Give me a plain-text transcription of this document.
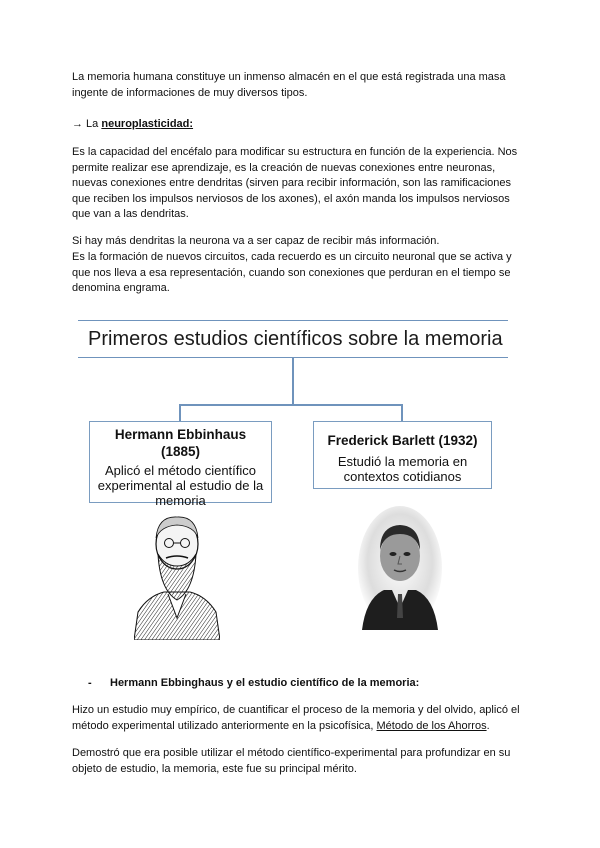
La memoria humana constituye un inmenso almacén en el que está registrada una masa ingente de informaciones de muy diversos tipos.

→ La neuroplasticidad:

Es la capacidad del encéfalo para modificar su estructura en función de la experiencia. Nos permite realizar ese aprendizaje, es la creación de nuevas conexiones entre neuronas, nuevas conexiones entre dendritas (sirven para recibir información, son las ramificaciones que reciben los impulsos nerviosos de los axones), el axón manda los impulsos nerviosos que van a las dendritas.

Si hay más dendritas la neurona va a ser capaz de recibir más información.

Es la formación de nuevos circuitos, cada recuerdo es un circuito neuronal que se activa y que nos lleva a esa representación, cuando son conexiones que perduran en el tiempo se denomina engrama.

Primeros estudios científicos sobre la memoria
Hermann Ebbinhaus
(1885)
Aplicó el método científico experimental al estudio de la memoria
Frederick Barlett (1932)
Estudió la memoria en contextos cotidianos

- Hermann Ebbinghaus y el estudio científico de la memoria:

Hizo un estudio muy empírico, de cuantificar el proceso de la memoria y del olvido, aplicó el método experimental utilizado anteriormente en la psicofísica, Método de los Ahorros.

Demostró que era posible utilizar el método científico-experimental para profundizar en su objeto de estudio, la memoria, este fue su principal mérito.
